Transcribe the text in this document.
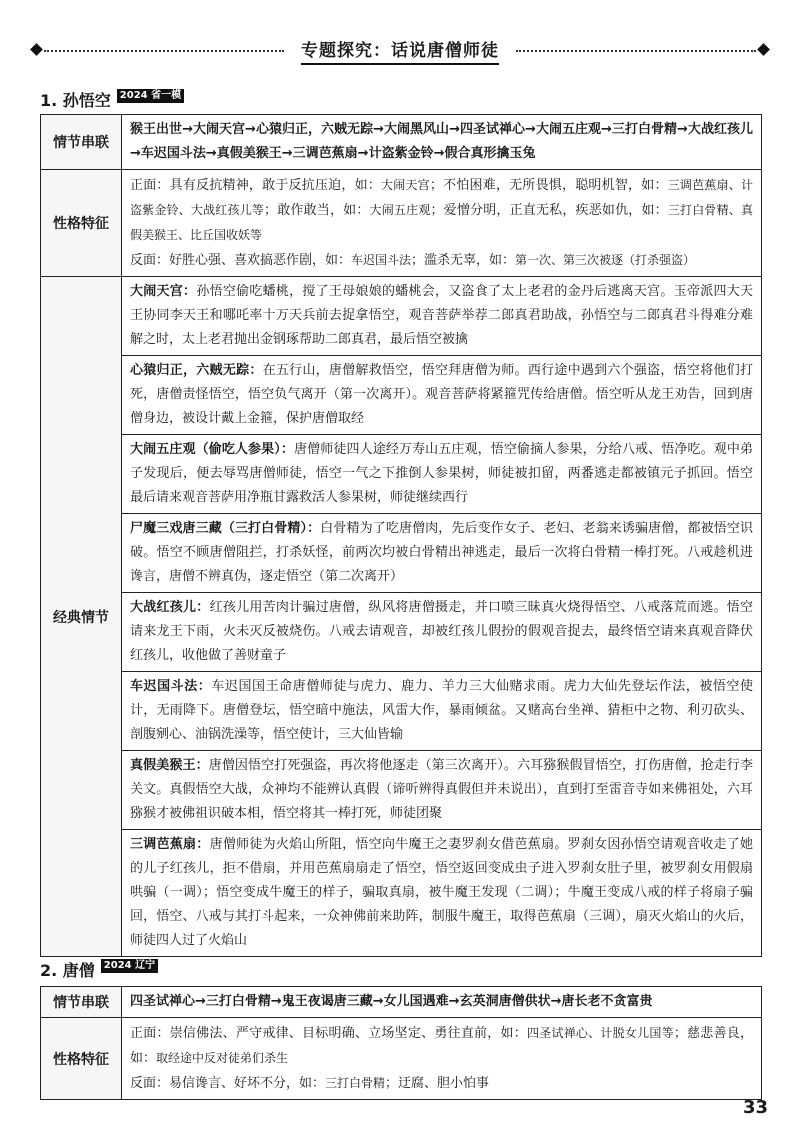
专题探究：话说唐僧师徒
1. 孙悟空 2024 省一模
情节串联	猴王出世→大闹天宫→心猿归正，六贼无踪→大闹黑风山→四圣试禅心→大闹五庄观→三打白骨精→大战红孩儿→车迟国斗法→真假美猴王→三调芭蕉扇→计盗紫金铃→假合真形擒玉兔
性格特征	正面：具有反抗精神，敢于反抗压迫，如：大闹天宫；不怕困难，无所畏惧，聪明机智，如：三调芭蕉扇、计盗紫金铃、大战红孩儿等；敢作敢当，如：大闹五庄观；爱憎分明，正直无私，疾恶如仇，如：三打白骨精、真假美猴王、比丘国收妖等
反面：好胜心强、喜欢搞恶作剧，如：车迟国斗法；滥杀无辜，如：第一次、第三次被逐（打杀强盗）
经典情节	大闹天宫：孙悟空偷吃蟠桃，搅了王母娘娘的蟠桃会，又盗食了太上老君的金丹后逃离天宫。玉帝派四大天王协同李天王和哪吒率十万天兵前去捉拿悟空，观音菩萨举荐二郎真君助战，孙悟空与二郎真君斗得难分难解之时，太上老君抛出金钢琢帮助二郎真君，最后悟空被擒
	心猿归正，六贼无踪：在五行山，唐僧解救悟空，悟空拜唐僧为师。西行途中遇到六个强盗，悟空将他们打死，唐僧责怪悟空，悟空负气离开（第一次离开）。观音菩萨将紧箍咒传给唐僧。悟空听从龙王劝告，回到唐僧身边，被设计戴上金箍，保护唐僧取经
	大闹五庄观（偷吃人参果）：唐僧师徒四人途经万寿山五庄观，悟空偷摘人参果，分给八戒、悟净吃。观中弟子发现后，便去辱骂唐僧师徒，悟空一气之下推倒人参果树，师徒被扣留，两番逃走都被镇元子抓回。悟空最后请来观音菩萨用净瓶甘露救活人参果树，师徒继续西行
	尸魔三戏唐三藏（三打白骨精）：白骨精为了吃唐僧肉，先后变作女子、老妇、老翁来诱骗唐僧，都被悟空识破。悟空不顾唐僧阻拦，打杀妖怪，前两次均被白骨精出神逃走，最后一次将白骨精一棒打死。八戒趁机进谗言，唐僧不辨真伪，逐走悟空（第二次离开）
	大战红孩儿：红孩儿用苦肉计骗过唐僧，纵风将唐僧摄走，并口喷三昧真火烧得悟空、八戒落荒而逃。悟空请来龙王下雨，火未灭反被烧伤。八戒去请观音，却被红孩儿假扮的假观音捉去，最终悟空请来真观音降伏红孩儿，收他做了善财童子
	车迟国斗法：车迟国国王命唐僧师徒与虎力、鹿力、羊力三大仙赌求雨。虎力大仙先登坛作法，被悟空使计，无雨降下。唐僧登坛，悟空暗中施法，风雷大作，暴雨倾盆。又赌高台坐禅、猜柜中之物、利刃砍头、剖腹剜心、油锅洗澡等，悟空使计，三大仙皆输
	真假美猴王：唐僧因悟空打死强盗，再次将他逐走（第三次离开）。六耳猕猴假冒悟空，打伤唐僧，抢走行李关文。真假悟空大战，众神均不能辨认真假（谛听辨得真假但并未说出），直到打至雷音寺如来佛祖处，六耳猕猴才被佛祖识破本相，悟空将其一棒打死，师徒团聚
	三调芭蕉扇：唐僧师徒为火焰山所阻，悟空向牛魔王之妻罗刹女借芭蕉扇。罗刹女因孙悟空请观音收走了她的儿子红孩儿，拒不借扇，并用芭蕉扇扇走了悟空，悟空返回变成虫子进入罗刹女肚子里，被罗刹女用假扇哄骗（一调）；悟空变成牛魔王的样子，骗取真扇，被牛魔王发现（二调）；牛魔王变成八戒的样子将扇子骗回，悟空、八戒与其打斗起来，一众神佛前来助阵，制服牛魔王，取得芭蕉扇（三调），扇灭火焰山的火后，师徒四人过了火焰山
2. 唐僧 2024 辽宁
情节串联	四圣试禅心→三打白骨精→鬼王夜谒唐三藏→女儿国遇难→玄英洞唐僧供状→唐长老不贪富贵
性格特征	正面：崇信佛法、严守戒律、目标明确、立场坚定、勇往直前，如：四圣试禅心、计脱女儿国等；慈悲善良，如：取经途中反对徒弟们杀生
反面：易信谗言、好坏不分，如：三打白骨精；迂腐、胆小怕事
33
